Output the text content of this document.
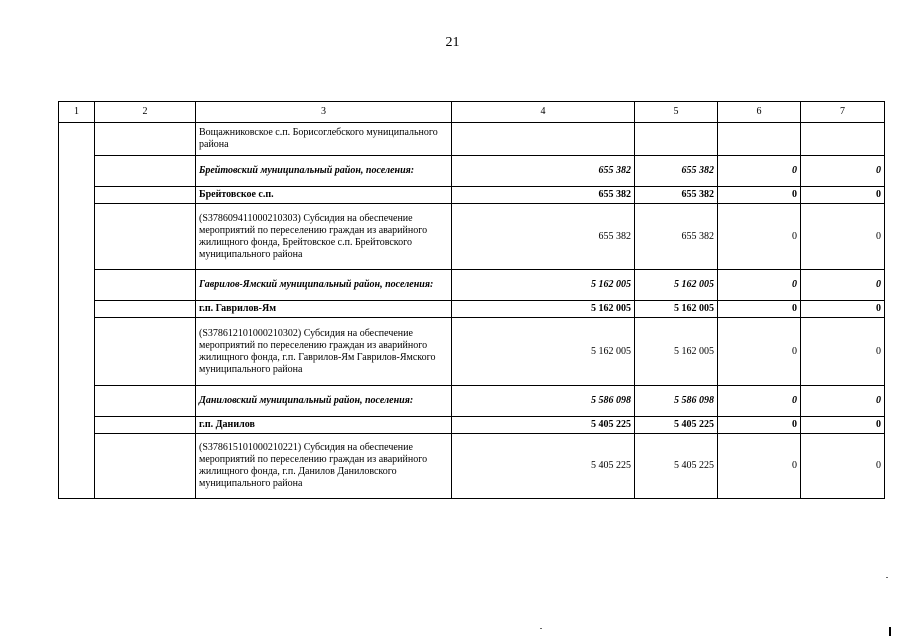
21
1	2	3	4	5	6	7
		Вощажниковское с.п. Борисоглебского муниципального района				
		Брейтовский муниципальный район, поселения:	655 382	655 382	0	0
		Брейтовское с.п.	655 382	655 382	0	0
		(S378609411000210303) Субсидия на обеспечение мероприятий по переселению граждан из аварийного жилищного фонда, Брейтовское с.п. Брейтовского муниципального района	655 382	655 382	0	0
		Гаврилов-Ямский муниципальный район, поселения:	5 162 005	5 162 005	0	0
		г.п. Гаврилов-Ям	5 162 005	5 162 005	0	0
		(S378612101000210302) Субсидия на обеспечение мероприятий по переселению граждан из аварийного жилищного фонда, г.п. Гаврилов-Ям Гаврилов-Ямского муниципального района	5 162 005	5 162 005	0	0
		Даниловский муниципальный район, поселения:	5 586 098	5 586 098	0	0
		г.п. Данилов	5 405 225	5 405 225	0	0
		(S378615101000210221) Субсидия на обеспечение мероприятий по переселению граждан из аварийного жилищного фонда, г.п. Данилов Даниловского муниципального района	5 405 225	5 405 225	0	0
